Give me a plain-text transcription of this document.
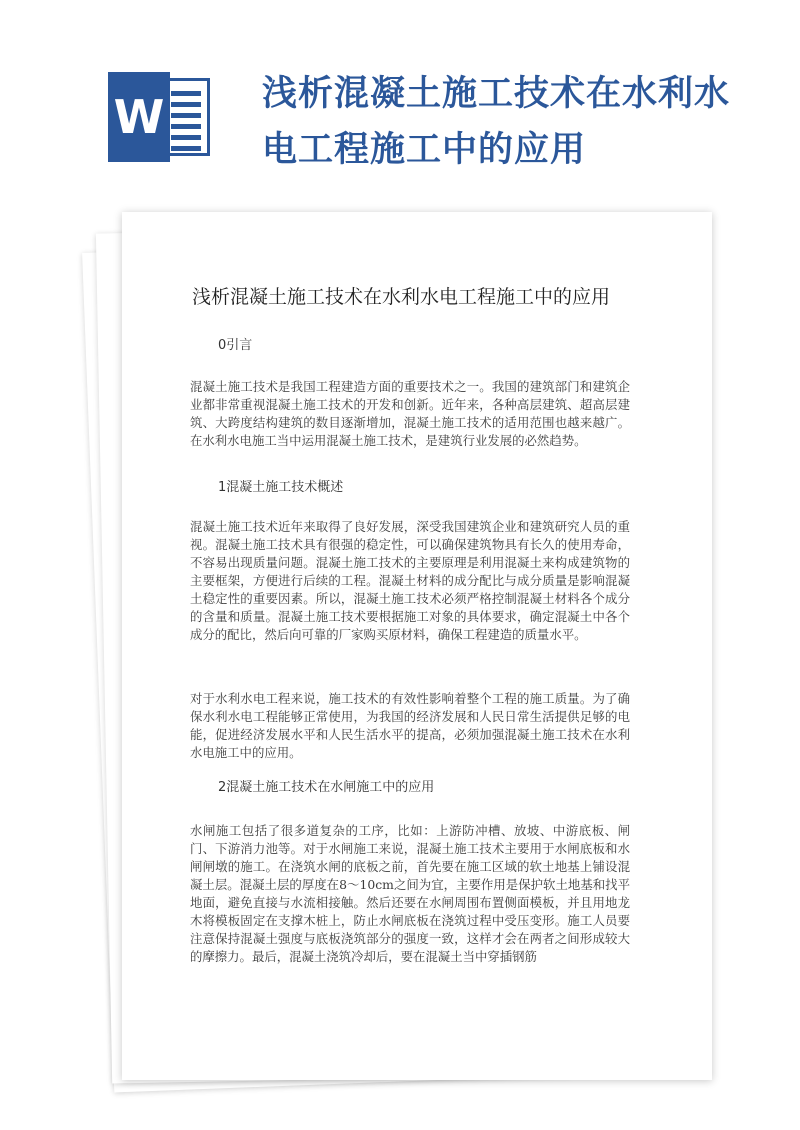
W	浅析混凝土施工技术在水利水电工程施工中的应用
浅析混凝土施工技术在水利水电工程施工中的应用
0引言
混凝土施工技术是我国工程建造方面的重要技术之一。我国的建筑部门和建筑企业都非常重视混凝土施工技术的开发和创新。近年来，各种高层建筑、超高层建筑、大跨度结构建筑的数目逐渐增加，混凝土施工技术的适用范围也越来越广。在水利水电施工当中运用混凝土施工技术，是建筑行业发展的必然趋势。
1混凝土施工技术概述
混凝土施工技术近年来取得了良好发展，深受我国建筑企业和建筑研究人员的重视。混凝土施工技术具有很强的稳定性，可以确保建筑物具有长久的使用寿命，不容易出现质量问题。混凝土施工技术的主要原理是利用混凝土来构成建筑物的主要框架，方便进行后续的工程。混凝土材料的成分配比与成分质量是影响混凝土稳定性的重要因素。所以，混凝土施工技术必须严格控制混凝土材料各个成分的含量和质量。混凝土施工技术要根据施工对象的具体要求，确定混凝土中各个成分的配比，然后向可靠的厂家购买原材料，确保工程建造的质量水平。
对于水利水电工程来说，施工技术的有效性影响着整个工程的施工质量。为了确保水利水电工程能够正常使用，为我国的经济发展和人民日常生活提供足够的电能，促进经济发展水平和人民生活水平的提高，必须加强混凝土施工技术在水利水电施工中的应用。
2混凝土施工技术在水闸施工中的应用
水闸施工包括了很多道复杂的工序，比如：上游防冲槽、放坡、中游底板、闸门、下游消力池等。对于水闸施工来说，混凝土施工技术主要用于水闸底板和水闸闸墩的施工。在浇筑水闸的底板之前，首先要在施工区域的软土地基上铺设混凝土层。混凝土层的厚度在8～10cm之间为宜，主要作用是保护软土地基和找平地面，避免直接与水流相接触。然后还要在水闸周围布置侧面模板，并且用地龙木将模板固定在支撑木桩上，防止水闸底板在浇筑过程中受压变形。施工人员要注意保持混凝土强度与底板浇筑部分的强度一致，这样才会在两者之间形成较大的摩擦力。最后，混凝土浇筑冷却后，要在混凝土当中穿插钢筋
